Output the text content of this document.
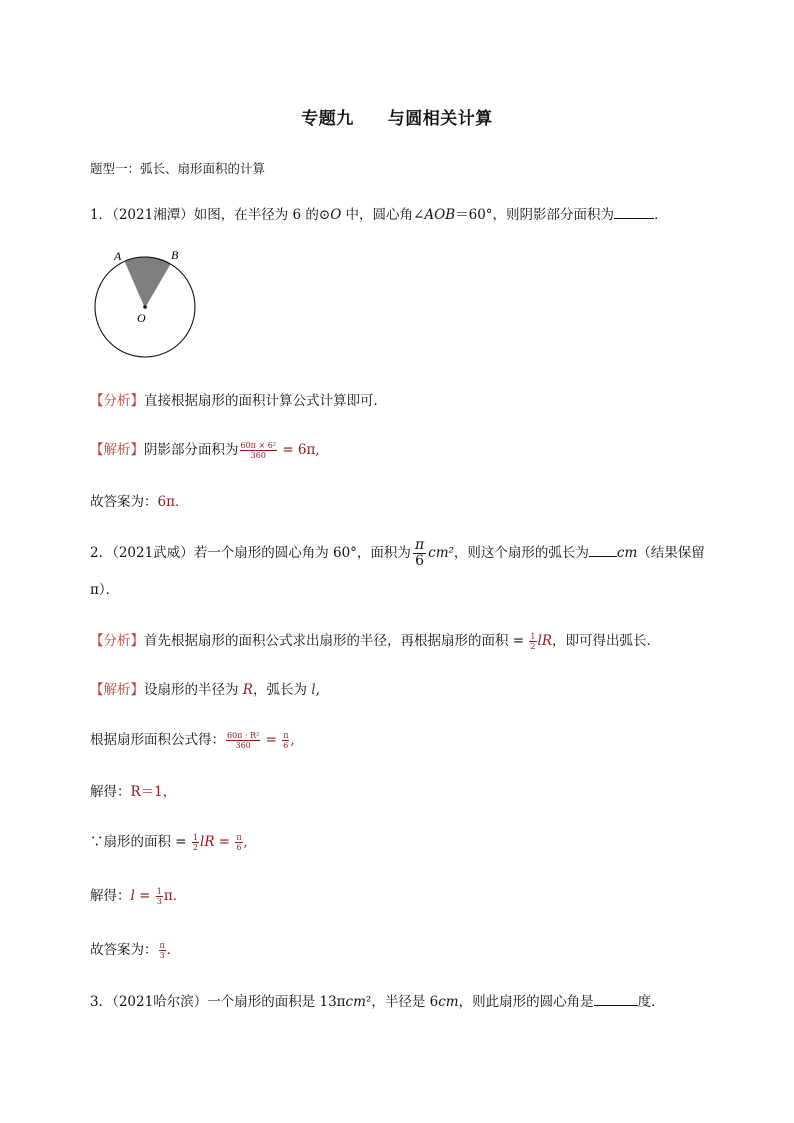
专题九 与圆相关计算
题型一：弧长、扇形面积的计算
1．（2021湘潭）如图，在半径为 6 的⊙O 中，圆心角∠AOB＝60°，则阴影部分面积为	．
A	B
O
【分析】直接根据扇形的面积计算公式计算即可．
【解析】阴影部分面积为 $\frac{\text{60π × 6²}}{360} = 6\pi$,
故答案为：6π．
2．（2021武威）若一个扇形的圆心角为 60°，面积为 $\frac{\pi}{6} cm^2$，则这个扇形的弧长为 cm（结果保留
π）．
【分析】首先根据扇形的面积公式求出扇形的半径，再根据扇形的面积 = $\frac{1}{2}$ lR，即可得出弧长．
【解析】设扇形的半径为 R，弧长为 l,
根据扇形面积公式得： $\frac{\text{60π · R²}}{360} = \frac{\pi}{6}$ ,
解得：R＝1，
∵扇形的面积 = $\frac{1}{2}$ lR = $\frac{\pi}{6}$ ,
解得：$l = \frac{1}{3}$ π．
故答案为： $\frac{\pi}{3}$ ．
3．（2021哈尔滨）一个扇形的面积是 13πcm²，半径是 6cm，则此扇形的圆心角是	度．
